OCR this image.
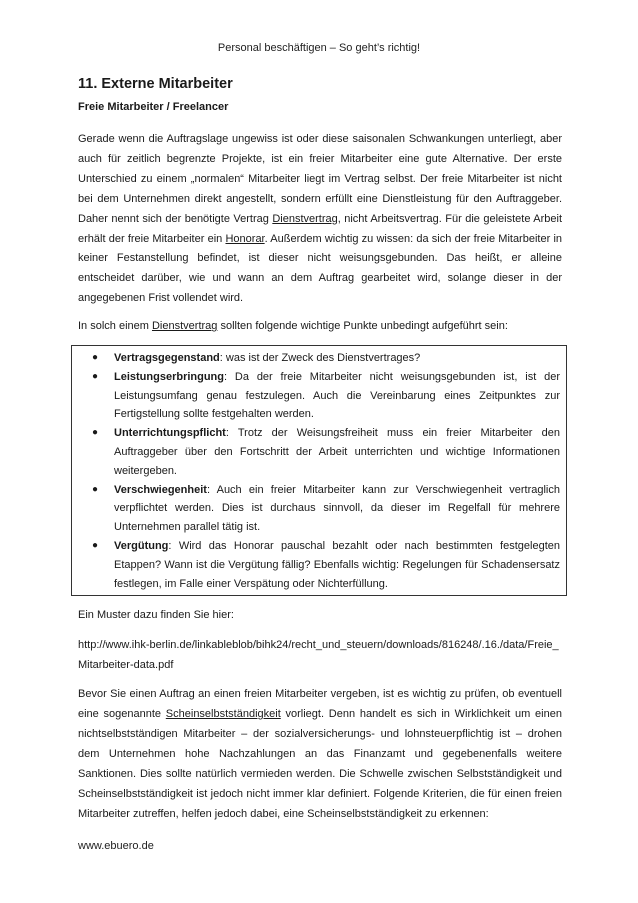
Personal beschäftigen – So geht’s richtig!
11. Externe Mitarbeiter
Freie Mitarbeiter / Freelancer

Gerade wenn die Auftragslage ungewiss ist oder diese saisonalen Schwankungen unterliegt, aber auch für zeitlich begrenzte Projekte, ist ein freier Mitarbeiter eine gute Alternative. Der erste Unterschied zu einem „normalen“ Mitarbeiter liegt im Vertrag selbst. Der freie Mitarbeiter ist nicht bei dem Unternehmen direkt angestellt, sondern erfüllt eine Dienstleistung für den Auftraggeber. Daher nennt sich der benötigte Vertrag Dienstvertrag, nicht Arbeitsvertrag. Für die geleistete Arbeit erhält der freie Mitarbeiter ein Honorar. Außerdem wichtig zu wissen: da sich der freie Mitarbeiter in keiner Festanstellung befindet, ist dieser nicht weisungsgebunden. Das heißt, er alleine entscheidet darüber, wie und wann an dem Auftrag gearbeitet wird, solange dieser in der angegebenen Frist vollendet wird.

In solch einem Dienstvertrag sollten folgende wichtige Punkte unbedingt aufgeführt sein:

● Vertragsgegenstand: was ist der Zweck des Dienstvertrages?
● Leistungserbringung: Da der freie Mitarbeiter nicht weisungsgebunden ist, ist der Leistungsumfang genau festzulegen. Auch die Vereinbarung eines Zeitpunktes zur Fertigstellung sollte festgehalten werden.
● Unterrichtungspflicht: Trotz der Weisungsfreiheit muss ein freier Mitarbeiter den Auftraggeber über den Fortschritt der Arbeit unterrichten und wichtige Informationen weitergeben.
● Verschwiegenheit: Auch ein freier Mitarbeiter kann zur Verschwiegenheit vertraglich verpflichtet werden. Dies ist durchaus sinnvoll, da dieser im Regelfall für mehrere Unternehmen parallel tätig ist.
● Vergütung: Wird das Honorar pauschal bezahlt oder nach bestimmten festgelegten Etappen? Wann ist die Vergütung fällig? Ebenfalls wichtig: Regelungen für Schadensersatz festlegen, im Falle einer Verspätung oder Nichterfüllung.

Ein Muster dazu finden Sie hier:

http://www.ihk-berlin.de/linkableblob/bihk24/recht_und_steuern/downloads/816248/.16./data/Freie_Mitarbeiter-data.pdf

Bevor Sie einen Auftrag an einen freien Mitarbeiter vergeben, ist es wichtig zu prüfen, ob eventuell eine sogenannte Scheinselbstständigkeit vorliegt. Denn handelt es sich in Wirklichkeit um einen nichtselbstständigen Mitarbeiter – der sozialversicherungs- und lohnsteuerpflichtig ist – drohen dem Unternehmen hohe Nachzahlungen an das Finanzamt und gegebenenfalls weitere Sanktionen. Dies sollte natürlich vermieden werden. Die Schwelle zwischen Selbstständigkeit und Scheinselbstständigkeit ist jedoch nicht immer klar definiert. Folgende Kriterien, die für einen freien Mitarbeiter zutreffen, helfen jedoch dabei, eine Scheinselbstständigkeit zu erkennen:

www.ebuero.de
